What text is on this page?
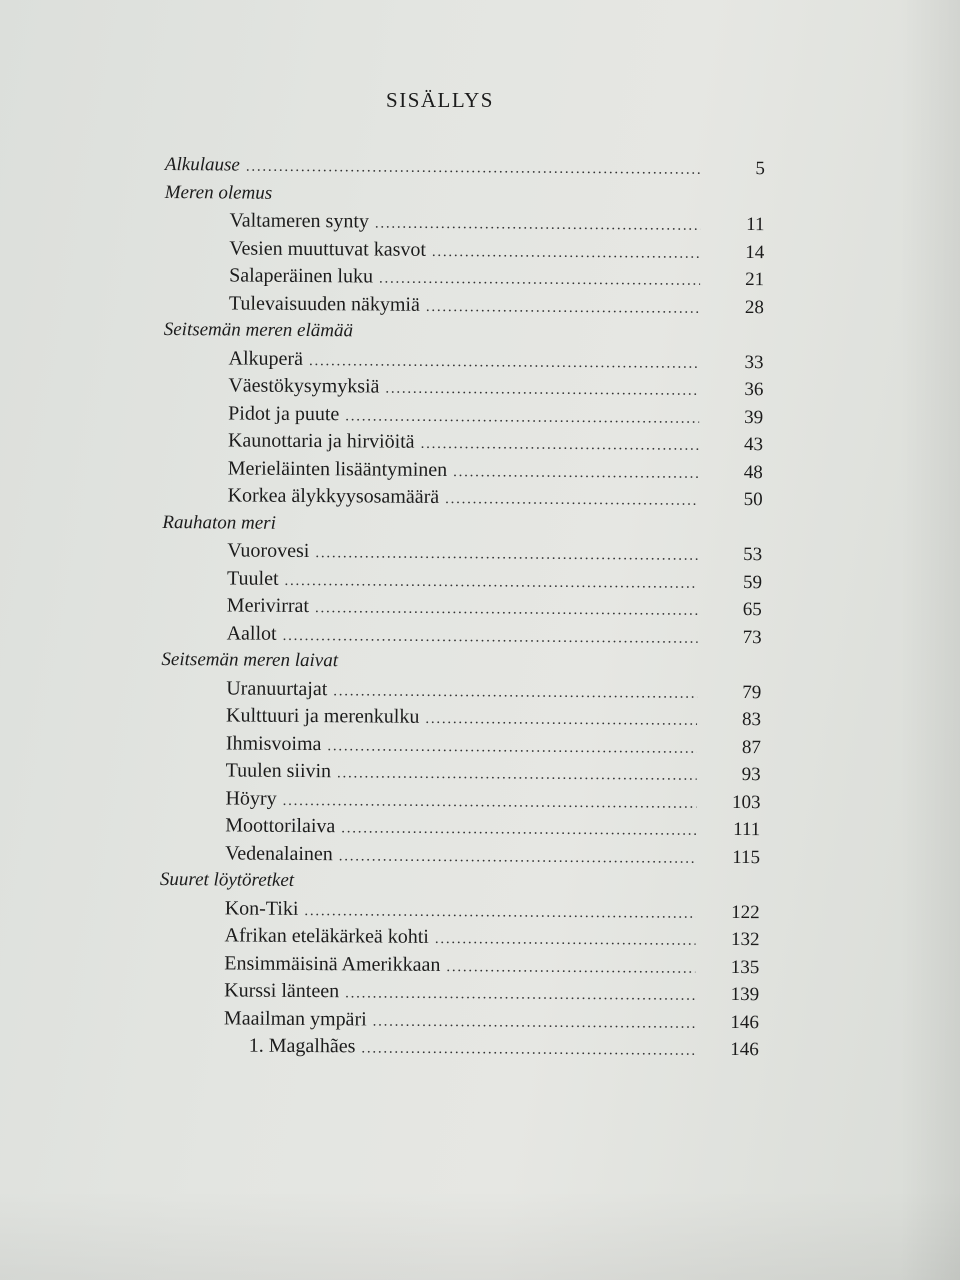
SISÄLLYS
Alkulause . . .	5
Meren olemus
Valtameren synty . . .	11
Vesien muuttuvat kasvot . . .	14
Salaperäinen luku . . .	21
Tulevaisuuden näkymiä . . .	28
Seitsemän meren elämää
Alkuperä . . .	33
Väestökysymyksiä . . .	36
Pidot ja puute . . .	39
Kaunottaria ja hirviöitä . . .	43
Merieläinten lisääntyminen . . .	48
Korkea älykkyysosamäärä . . .	50
Rauhaton meri
Vuorovesi . . .	53
Tuulet . . .	59
Merivirrat . . .	65
Aallot . . .	73
Seitsemän meren laivat
Uranuurtajat . . .	79
Kulttuuri ja merenkulku . . .	83
Ihmisvoima . . .	87
Tuulen siivin . . .	93
Höyry . . .	103
Moottorilaiva . . .	111
Vedenalainen . . .	115
Suuret löytöretket
Kon-Tiki . . .	122
Afrikan eteläkärkeä kohti . . .	132
Ensimmäisinä Amerikkaan . . .	135
Kurssi länteen . . .	139
Maailman ympäri . . .	146
1. Magalhães . . .	146
